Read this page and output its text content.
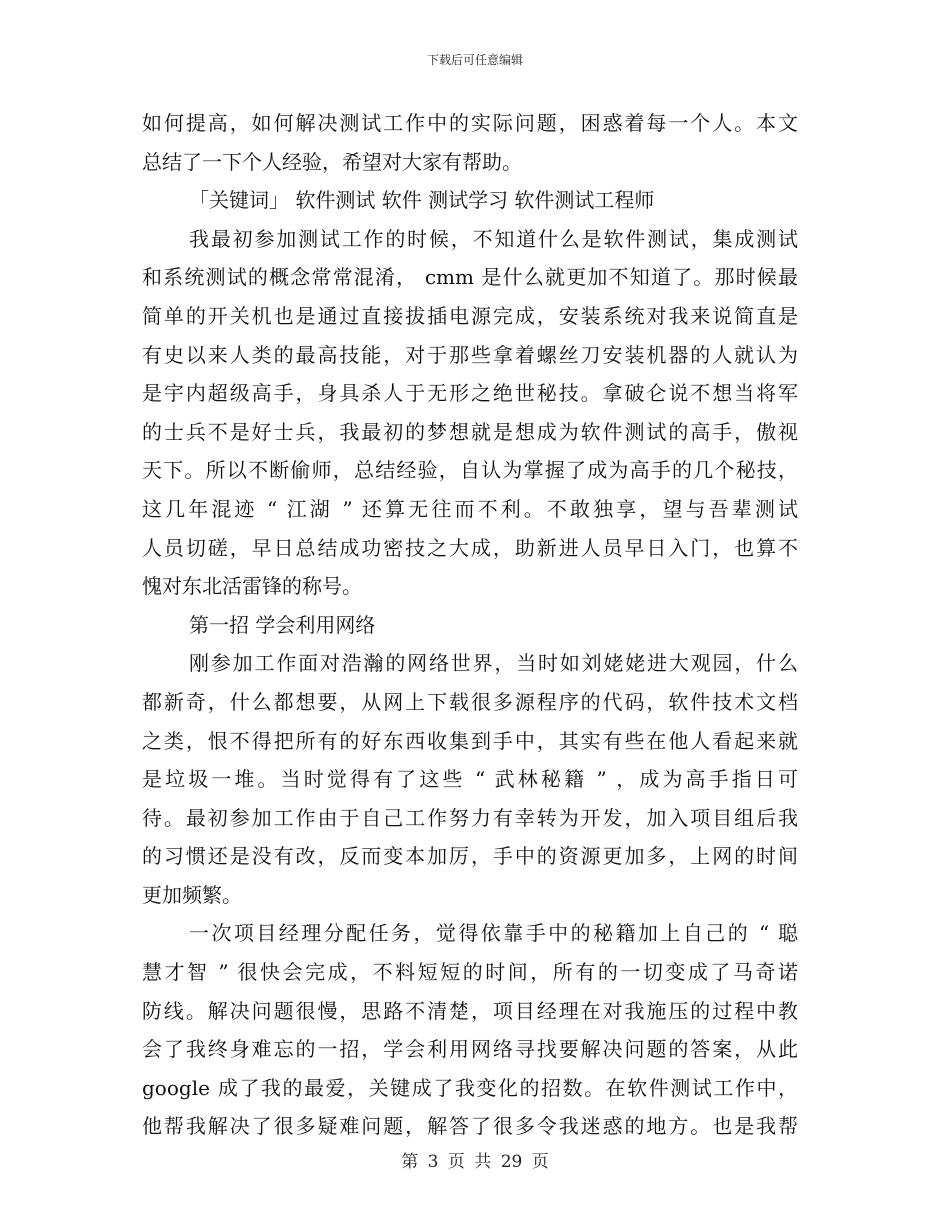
下载后可任意编辑
如何提高，如何解决测试工作中的实际问题，困惑着每一个人。本文
总结了一下个人经验，希望对大家有帮助。
「关键词」 软件测试 软件 测试学习 软件测试工程师
我最初参加测试工作的时候，不知道什么是软件测试，集成测试
和系统测试的概念常常混淆， cmm 是什么就更加不知道了。那时候最
简单的开关机也是通过直接拔插电源完成，安装系统对我来说简直是
有史以来人类的最高技能，对于那些拿着螺丝刀安装机器的人就认为
是宇内超级高手，身具杀人于无形之绝世秘技。拿破仑说不想当将军
的士兵不是好士兵，我最初的梦想就是想成为软件测试的高手，傲视
天下。所以不断偷师，总结经验，自认为掌握了成为高手的几个秘技，
这几年混迹 “ 江湖 ” 还算无往而不利。不敢独享，望与吾辈测试
人员切磋，早日总结成功密技之大成，助新进人员早日入门，也算不
愧对东北活雷锋的称号。
第一招 学会利用网络
刚参加工作面对浩瀚的网络世界，当时如刘姥姥进大观园，什么
都新奇，什么都想要，从网上下载很多源程序的代码，软件技术文档
之类，恨不得把所有的好东西收集到手中，其实有些在他人看起来就
是垃圾一堆。当时觉得有了这些 “ 武林秘籍 ” ，成为高手指日可
待。最初参加工作由于自己工作努力有幸转为开发，加入项目组后我
的习惯还是没有改，反而变本加厉，手中的资源更加多，上网的时间
更加频繁。
一次项目经理分配任务，觉得依靠手中的秘籍加上自己的 “ 聪
慧才智 ” 很快会完成，不料短短的时间，所有的一切变成了马奇诺
防线。解决问题很慢，思路不清楚，项目经理在对我施压的过程中教
会了我终身难忘的一招，学会利用网络寻找要解决问题的答案，从此
google 成了我的最爱，关键成了我变化的招数。在软件测试工作中，
他帮我解决了很多疑难问题，解答了很多令我迷惑的地方。也是我帮
第 3 页 共 29 页
